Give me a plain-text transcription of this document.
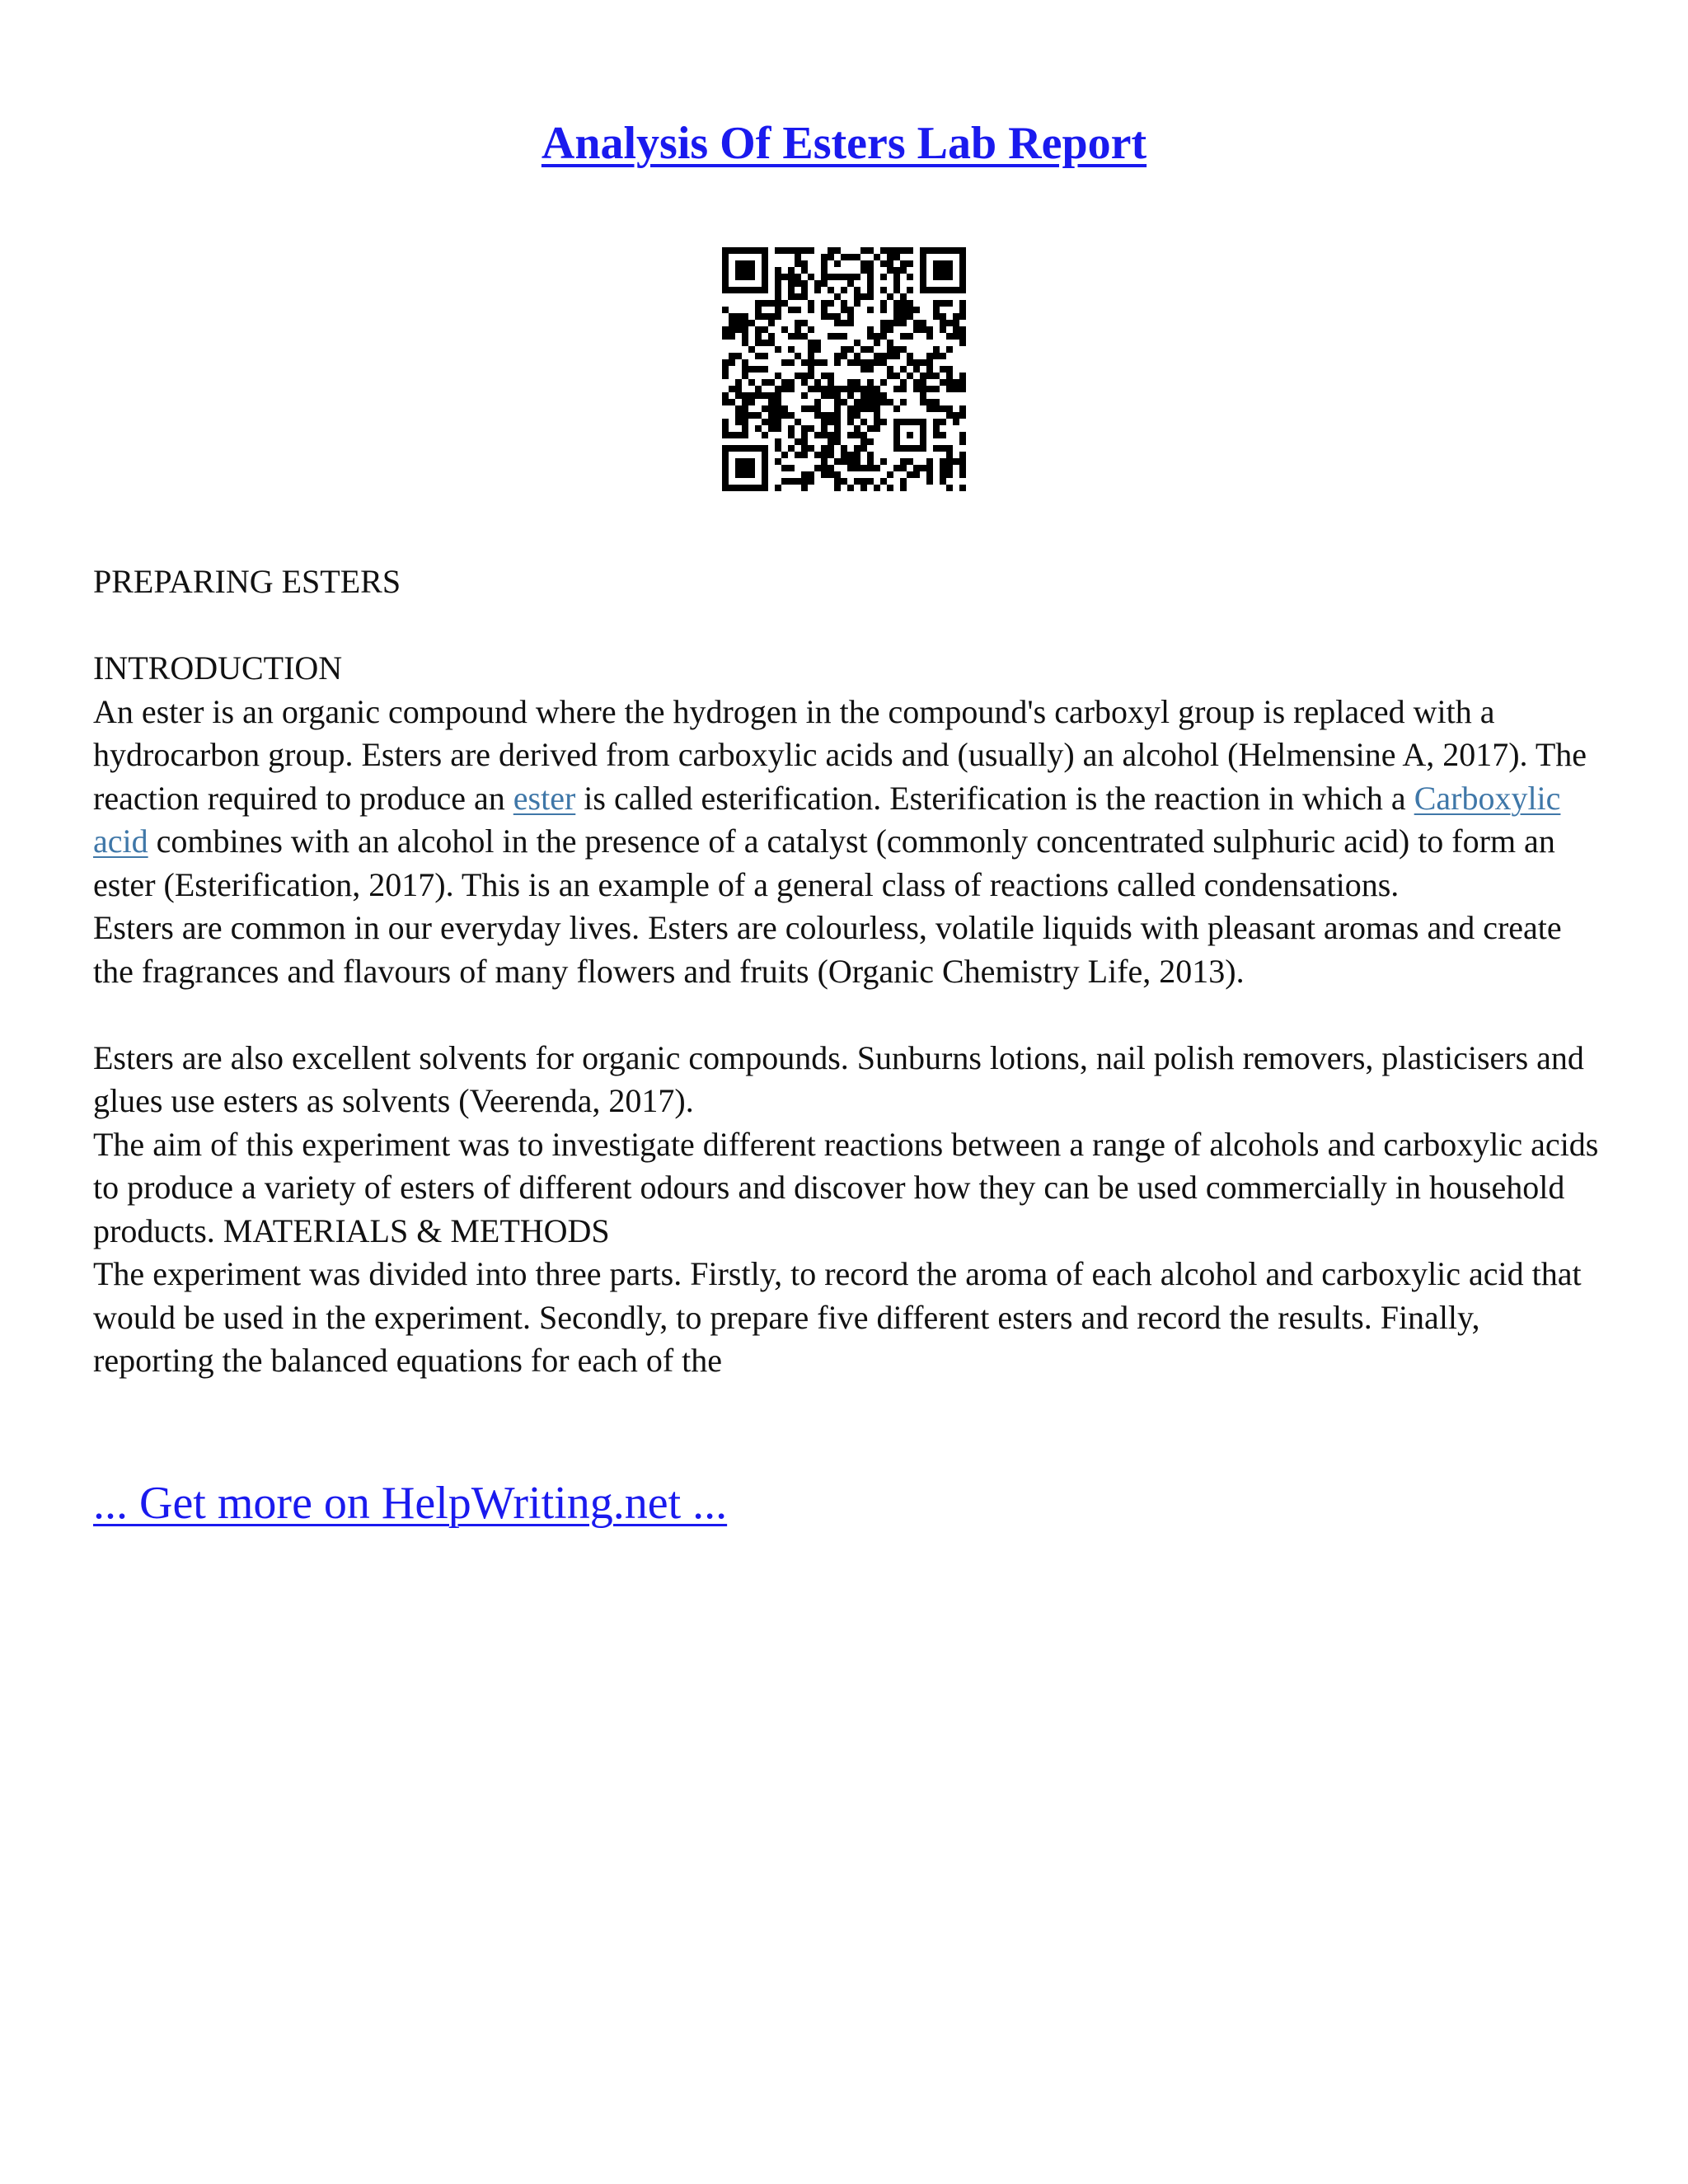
Analysis Of Esters Lab Report

PREPARING ESTERS

INTRODUCTION

An ester is an organic compound where the hydrogen in the compound's carboxyl group is replaced with a hydrocarbon group. Esters are derived from carboxylic acids and (usually) an alcohol (Helmensine A, 2017). The reaction required to produce an ester is called esterification. Esterification is the reaction in which a Carboxylic acid combines with an alcohol in the presence of a catalyst (commonly concentrated sulphuric acid) to form an ester (Esterification, 2017). This is an example of a general class of reactions called condensations.

Esters are common in our everyday lives. Esters are colourless, volatile liquids with pleasant aromas and create the fragrances and flavours of many flowers and fruits (Organic Chemistry Life, 2013).

Esters are also excellent solvents for organic compounds. Sunburns lotions, nail polish removers, plasticisers and glues use esters as solvents (Veerenda, 2017).

The aim of this experiment was to investigate different reactions between a range of alcohols and carboxylic acids to produce a variety of esters of different odours and discover how they can be used commercially in household products. MATERIALS & METHODS

The experiment was divided into three parts. Firstly, to record the aroma of each alcohol and carboxylic acid that would be used in the experiment. Secondly, to prepare five different esters and record the results. Finally, reporting the balanced equations for each of the

... Get more on HelpWriting.net ...
